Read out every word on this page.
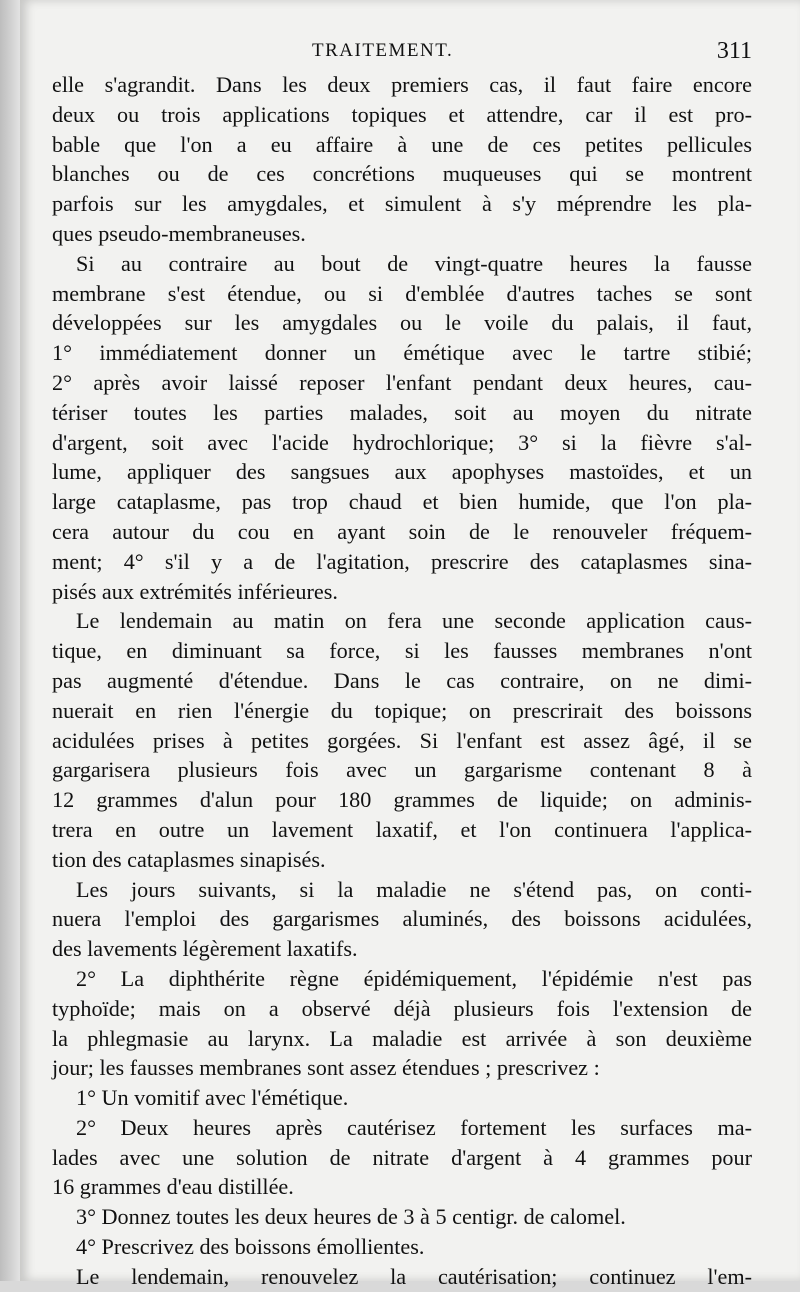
TRAITEMENT.	311

elle s'agrandit. Dans les deux premiers cas, il faut faire encore
deux ou trois applications topiques et attendre, car il est pro-
bable que l'on a eu affaire à une de ces petites pellicules
blanches ou de ces concrétions muqueuses qui se montrent
parfois sur les amygdales, et simulent à s'y méprendre les pla-
ques pseudo-membraneuses.

Si au contraire au bout de vingt-quatre heures la fausse
membrane s'est étendue, ou si d'emblée d'autres taches se sont
développées sur les amygdales ou le voile du palais, il faut,
1° immédiatement donner un émétique avec le tartre stibié;
2° après avoir laissé reposer l'enfant pendant deux heures, cau-
tériser toutes les parties malades, soit au moyen du nitrate
d'argent, soit avec l'acide hydrochlorique; 3° si la fièvre s'al-
lume, appliquer des sangsues aux apophyses mastoïdes, et un
large cataplasme, pas trop chaud et bien humide, que l'on pla-
cera autour du cou en ayant soin de le renouveler fréquem-
ment; 4° s'il y a de l'agitation, prescrire des cataplasmes sina-
pisés aux extrémités inférieures.

Le lendemain au matin on fera une seconde application caus-
tique, en diminuant sa force, si les fausses membranes n'ont
pas augmenté d'étendue. Dans le cas contraire, on ne dimi-
nuerait en rien l'énergie du topique; on prescrirait des boissons
acidulées prises à petites gorgées. Si l'enfant est assez âgé, il se
gargarisera plusieurs fois avec un gargarisme contenant 8 à
12 grammes d'alun pour 180 grammes de liquide; on adminis-
trera en outre un lavement laxatif, et l'on continuera l'applica-
tion des cataplasmes sinapisés.

Les jours suivants, si la maladie ne s'étend pas, on conti-
nuera l'emploi des gargarismes aluminés, des boissons acidulées,
des lavements légèrement laxatifs.

2° La diphthérite règne épidémiquement, l'épidémie n'est pas
typhoïde; mais on a observé déjà plusieurs fois l'extension de
la phlegmasie au larynx. La maladie est arrivée à son deuxième
jour; les fausses membranes sont assez étendues ; prescrivez :

1° Un vomitif avec l'émétique.

2° Deux heures après cautérisez fortement les surfaces ma-
lades avec une solution de nitrate d'argent à 4 grammes pour
16 grammes d'eau distillée.

3° Donnez toutes les deux heures de 3 à 5 centigr. de calomel.

4° Prescrivez des boissons émollientes.

Le lendemain, renouvelez la cautérisation; continuez l'em-
